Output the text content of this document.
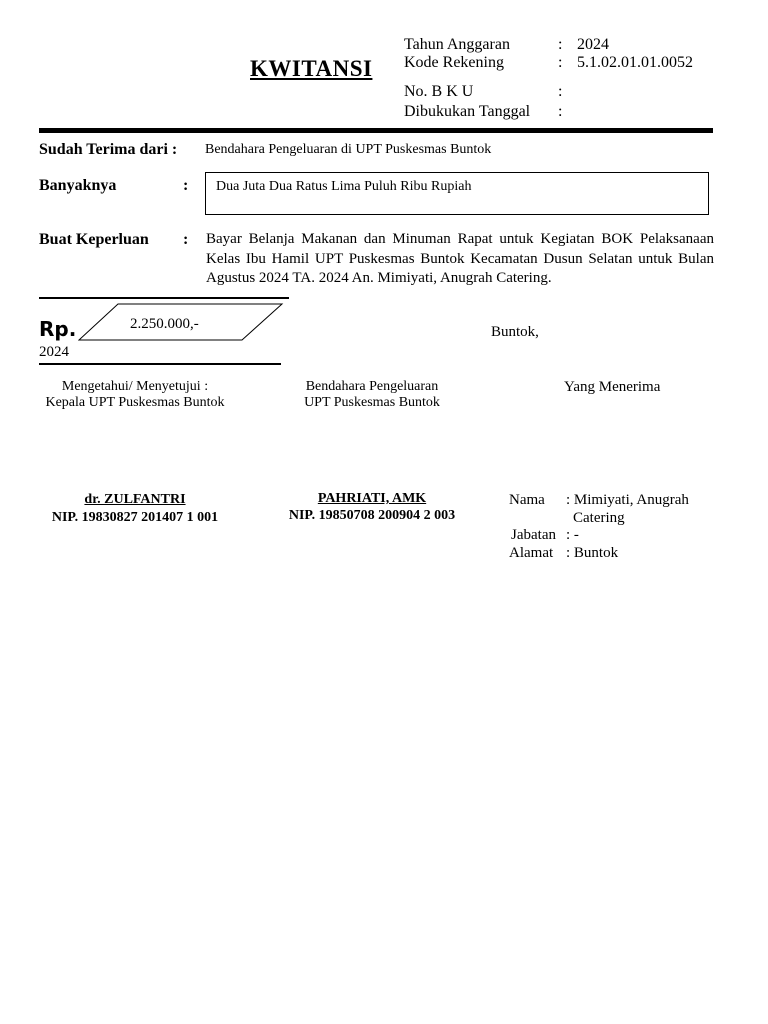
KWITANSI
Tahun Anggaran	: 2024
Kode Rekening	: 5.1.02.01.01.0052
No. B K U	:
Dibukukan Tanggal :
Sudah Terima dari : Bendahara Pengeluaran di UPT Puskesmas Buntok
Banyaknya	: Dua Juta Dua Ratus Lima Puluh Ribu Rupiah
Buat Keperluan : Bayar Belanja Makanan dan Minuman Rapat untuk Kegiatan BOK Pelaksanaan Kelas Ibu Hamil UPT Puskesmas Buntok Kecamatan Dusun Selatan untuk Bulan Agustus 2024 TA. 2024 An. Mimiyati, Anugrah Catering.
Rp.	2.250.000,-
2024
Buntok,
Mengetahui/ Menyetujui :
Kepala UPT Puskesmas Buntok
dr. ZULFANTRI
NIP. 19830827 201407 1 001
Bendahara Pengeluaran
UPT Puskesmas Buntok
PAHRIATI, AMK
NIP. 19850708 200904 2 003
Yang Menerima
Nama : Mimiyati, Anugrah
Catering
Jabatan : -
Alamat : Buntok
